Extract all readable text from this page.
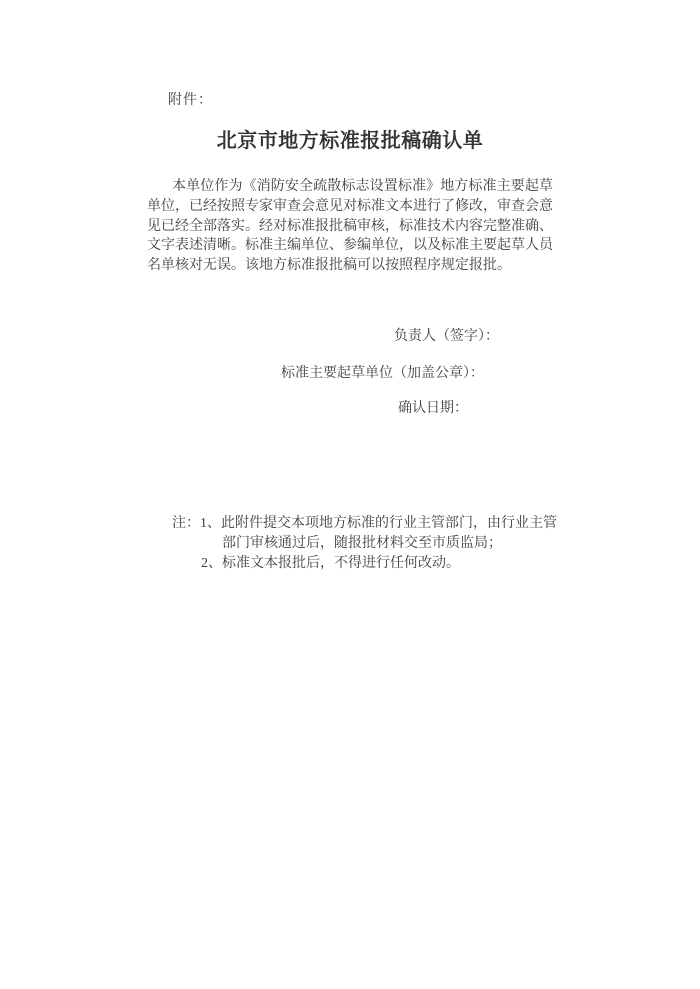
附件：
北京市地方标准报批稿确认单
本单位作为《消防安全疏散标志设置标准》地方标准主要起草
单位，已经按照专家审查会意见对标准文本进行了修改，审查会意
见已经全部落实。经对标准报批稿审核，标准技术内容完整准确、
文字表述清晰。标准主编单位、参编单位，以及标准主要起草人员
名单核对无误。该地方标准报批稿可以按照程序规定报批。
负责人（签字）：
标准主要起草单位（加盖公章）：
确认日期：
注：1、此附件提交本项地方标准的行业主管部门，由行业主管
部门审核通过后，随报批材料交至市质监局；
2、标准文本报批后，不得进行任何改动。
